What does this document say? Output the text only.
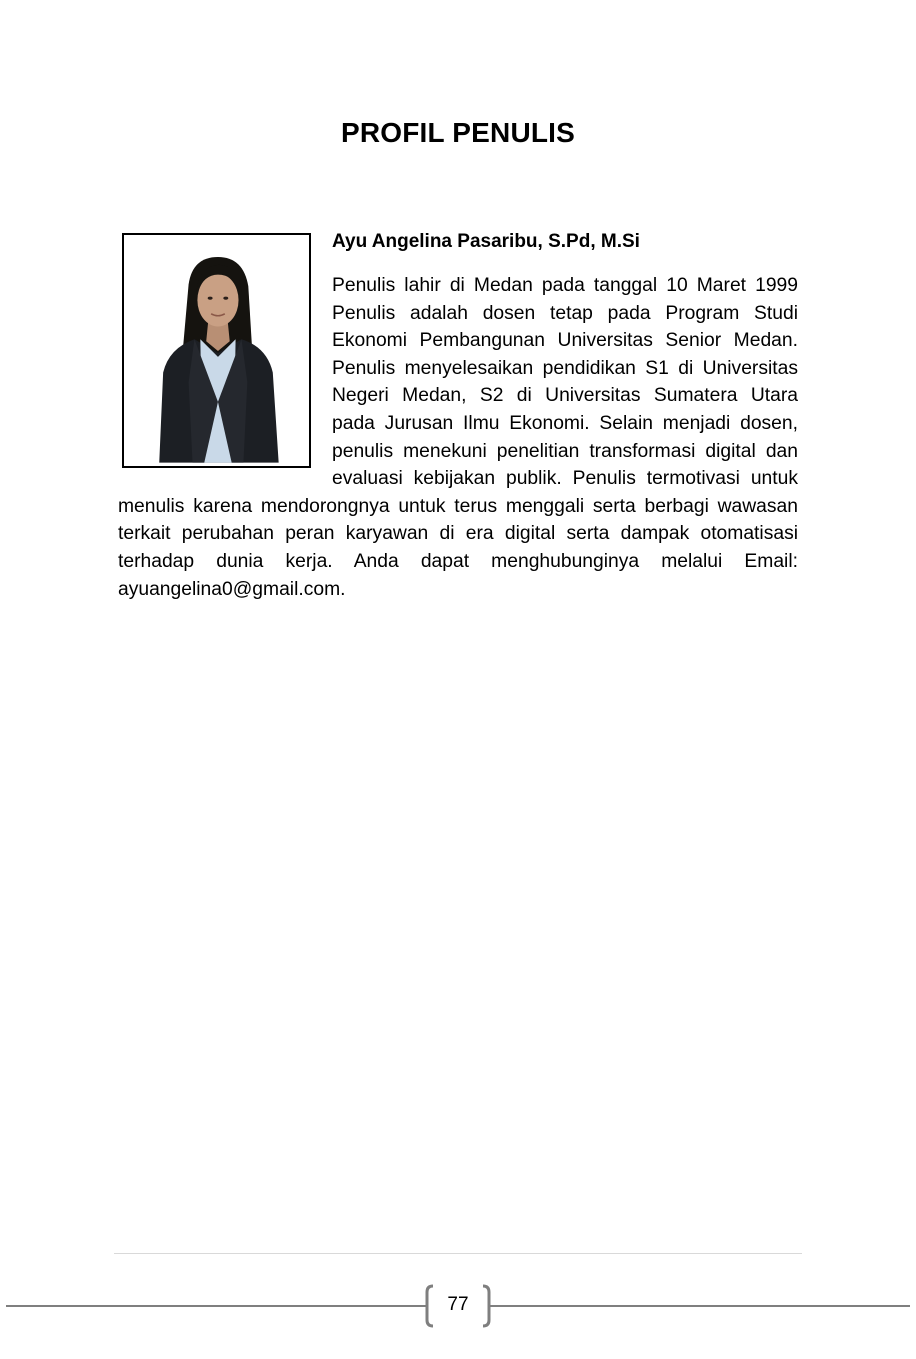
PROFIL PENULIS

Ayu Angelina Pasaribu, S.Pd, M.Si

Penulis lahir di Medan pada tanggal 10 Maret 1999 Penulis adalah dosen tetap pada Program Studi Ekonomi Pembangunan Universitas Senior Medan. Penulis menyelesaikan pendidikan S1 di Universitas Negeri Medan, S2 di Universitas Sumatera Utara pada Jurusan Ilmu Ekonomi. Selain menjadi dosen, penulis menekuni penelitian transformasi digital dan evaluasi kebijakan publik. Penulis termotivasi untuk menulis karena mendorongnya untuk terus menggali serta berbagi wawasan terkait perubahan peran karyawan di era digital serta dampak otomatisasi terhadap dunia kerja. Anda dapat menghubunginya melalui Email: ayuangelina0@gmail.com.

77
